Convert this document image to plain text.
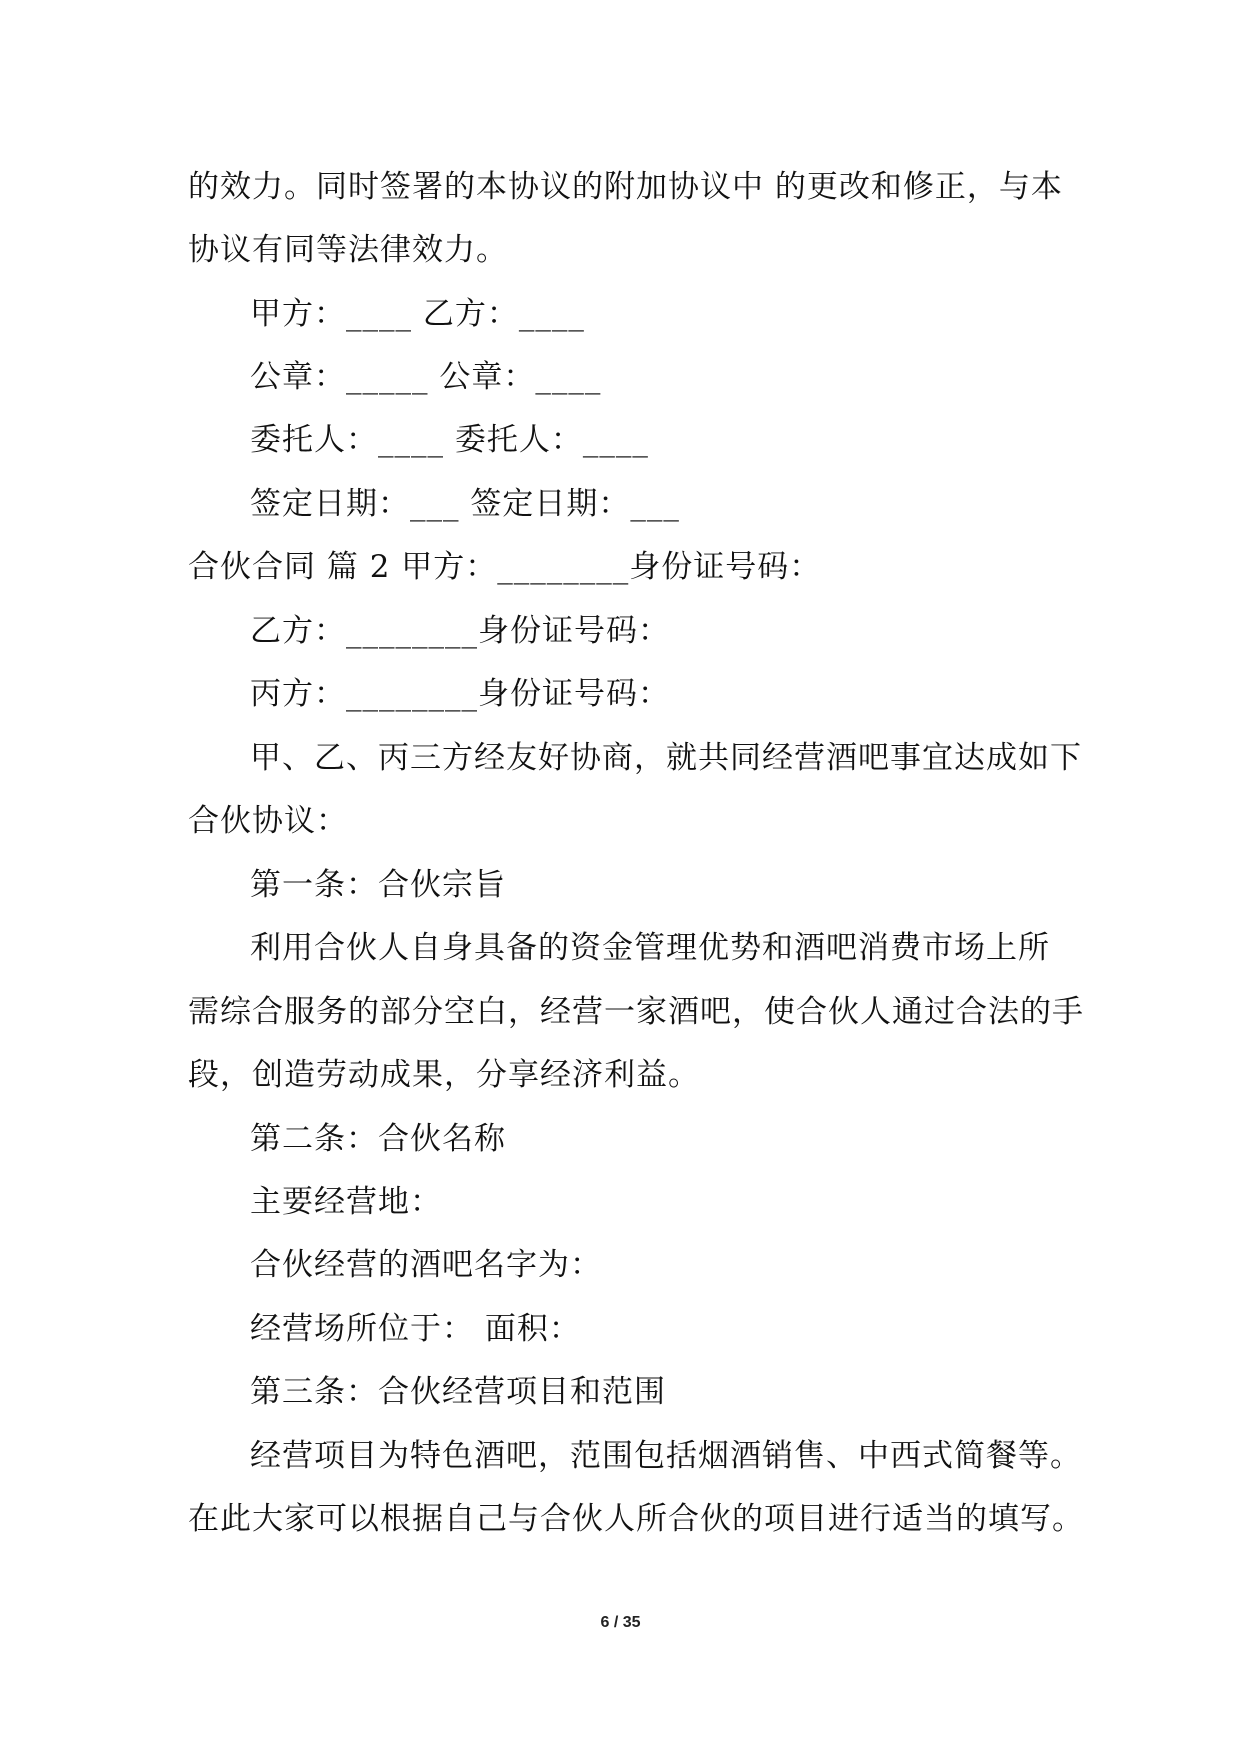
的效力。同时签署的本协议的附加协议中 的更改和修正，与本
协议有同等法律效力。
甲方：____ 乙方：____
公章：_____ 公章：____
委托人：____ 委托人：____
签定日期：___ 签定日期：___
合伙合同 篇 2 甲方：________身份证号码：
乙方：________身份证号码：
丙方：________身份证号码：
甲、乙、丙三方经友好协商，就共同经营酒吧事宜达成如下
合伙协议：
第一条：合伙宗旨
利用合伙人自身具备的资金管理优势和酒吧消费市场上所
需综合服务的部分空白，经营一家酒吧，使合伙人通过合法的手
段，创造劳动成果，分享经济利益。
第二条：合伙名称
主要经营地：
合伙经营的酒吧名字为：
经营场所位于： 面积：
第三条：合伙经营项目和范围
经营项目为特色酒吧，范围包括烟酒销售、中西式简餐等。
在此大家可以根据自己与合伙人所合伙的项目进行适当的填写。
6 / 35
